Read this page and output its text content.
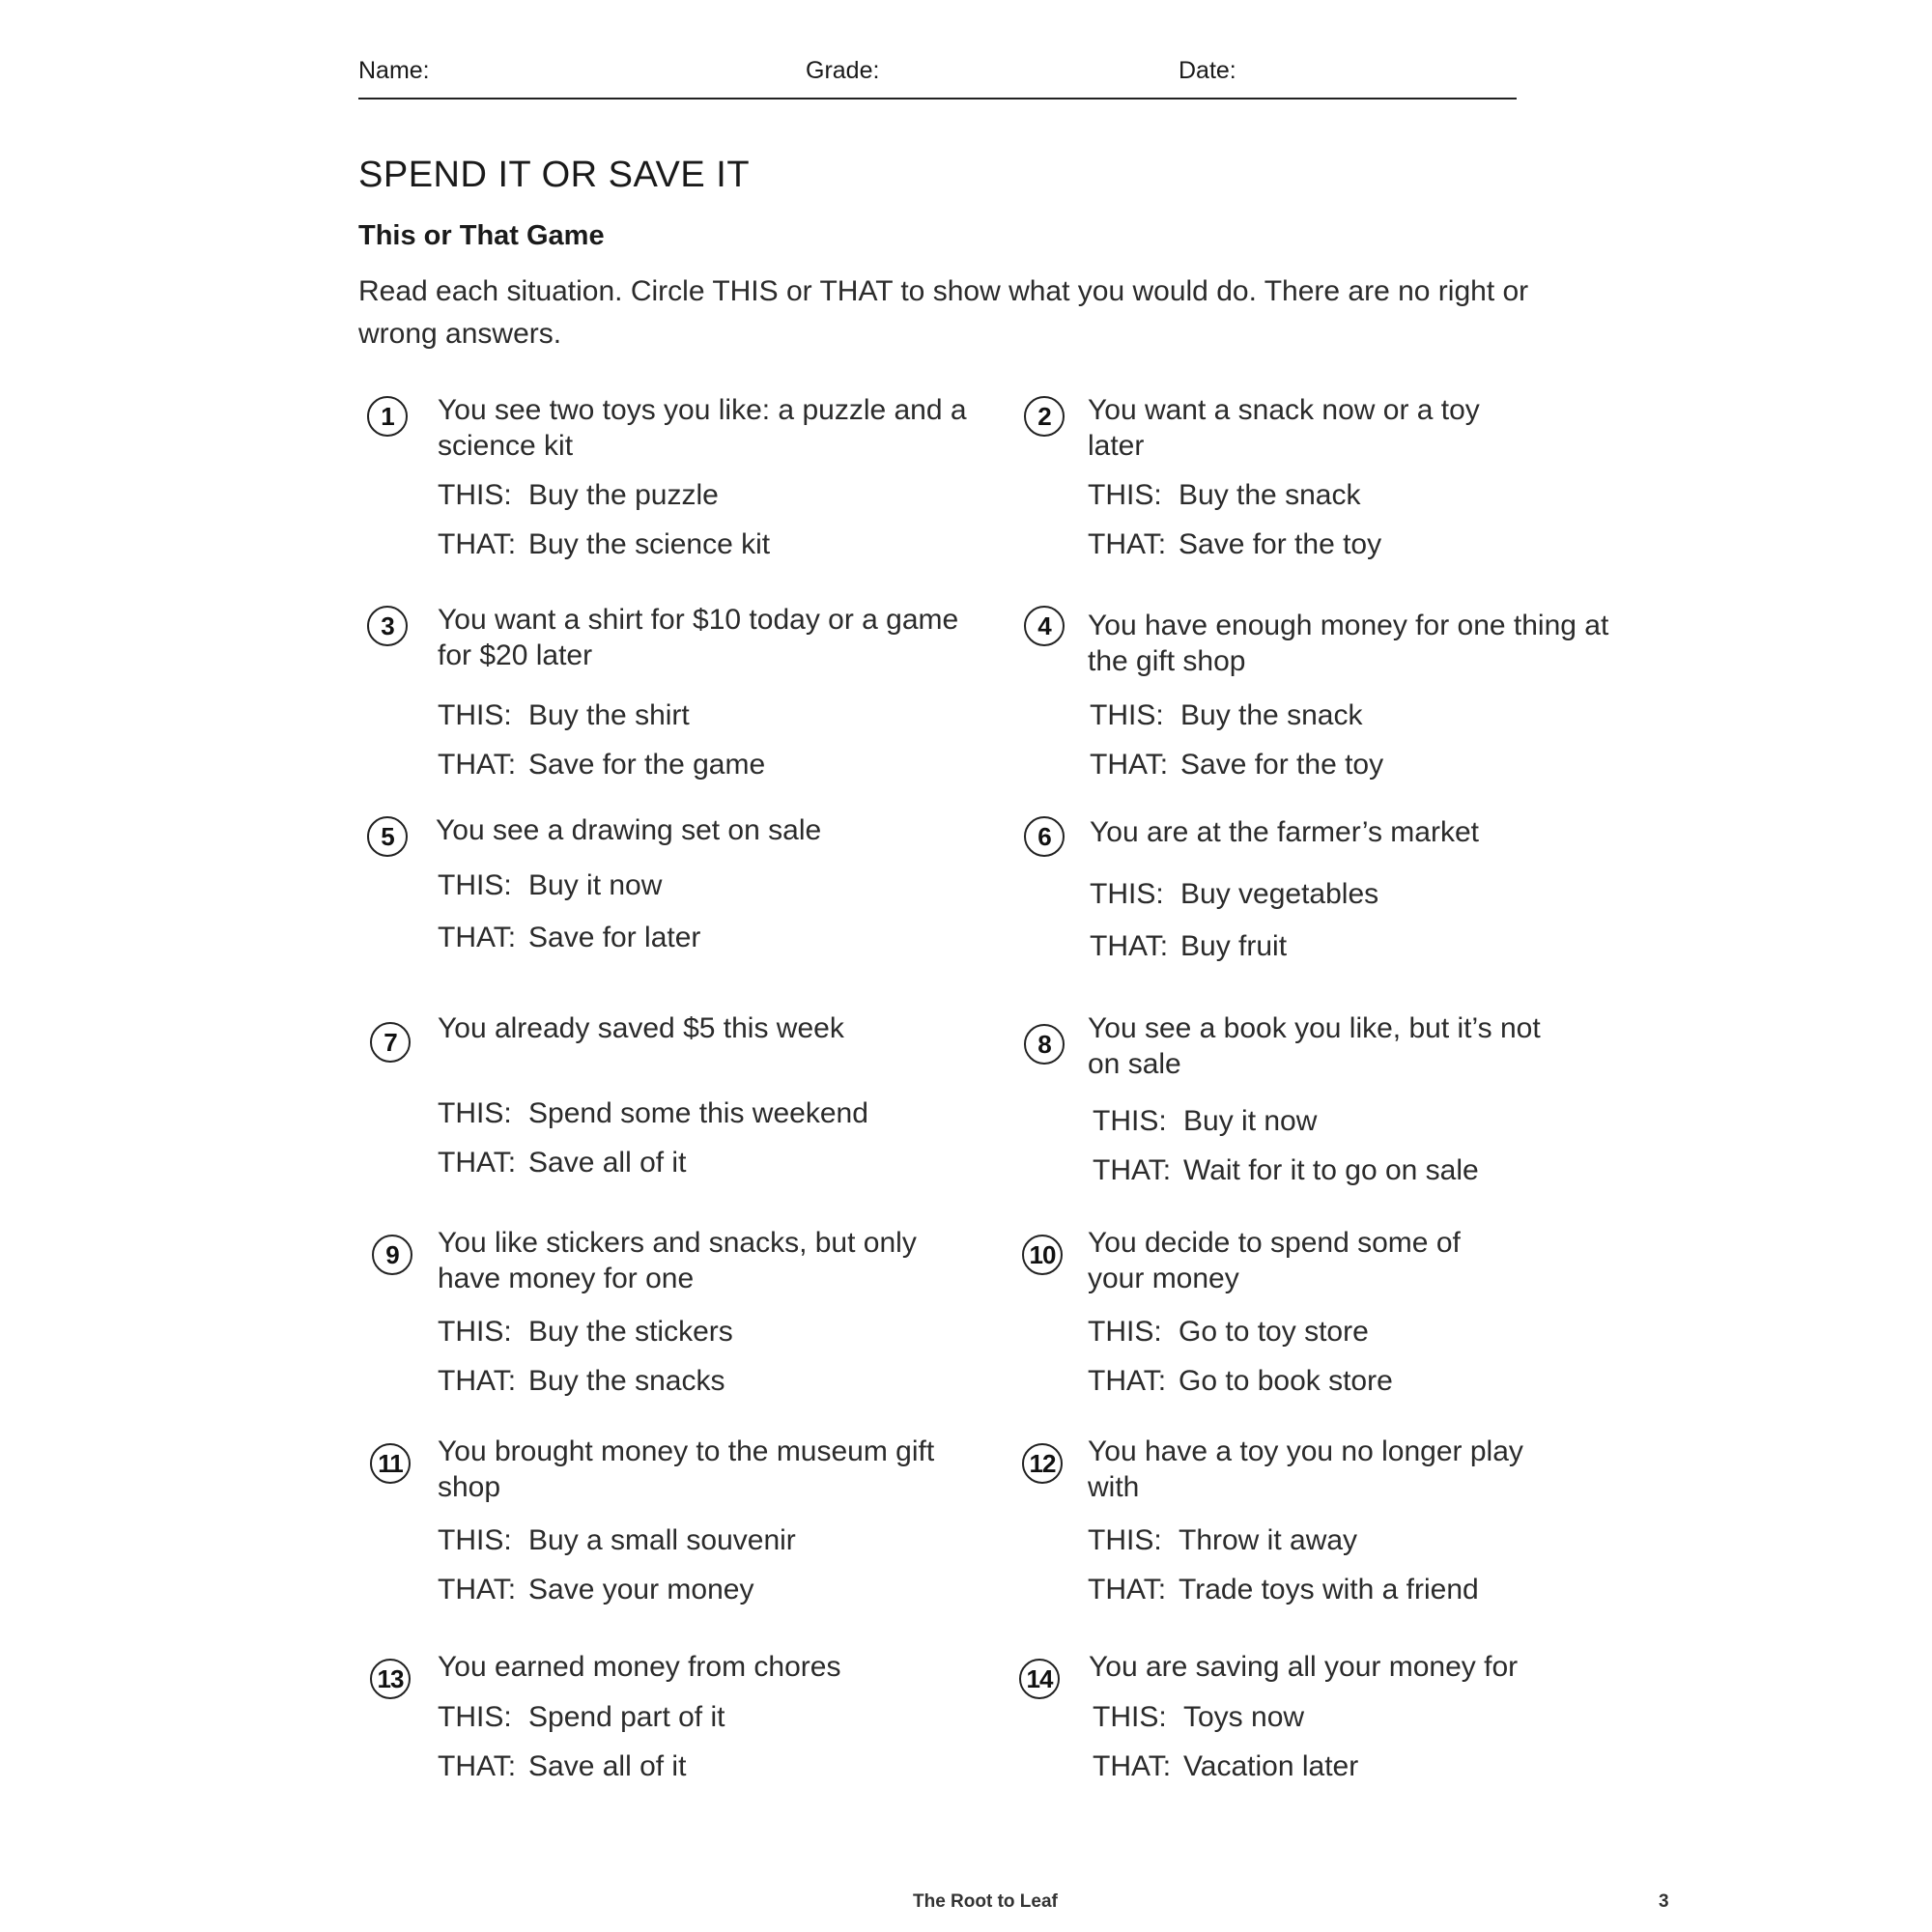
Name:	Grade:	Date:
SPEND IT OR SAVE IT
This or That Game
Read each situation. Circle THIS or THAT to show what you would do. There are no right or wrong answers.
1	You see two toys you like: a puzzle and a science kit
THIS: Buy the puzzle
THAT: Buy the science kit
2	You want a snack now or a toy later
THIS: Buy the snack
THAT: Save for the toy
3	You want a shirt for $10 today or a game for $20 later
THIS: Buy the shirt
THAT: Save for the game
4	You have enough money for one thing at the gift shop
THIS: Buy the snack
THAT: Save for the toy
5	You see a drawing set on sale
THIS: Buy it now
THAT: Save for later
6	You are at the farmer’s market
THIS: Buy vegetables
THAT: Buy fruit
7	You already saved $5 this week
THIS: Spend some this weekend
THAT: Save all of it
8	You see a book you like, but it’s not on sale
THIS: Buy it now
THAT: Wait for it to go on sale
9	You like stickers and snacks, but only have money for one
THIS: Buy the stickers
THAT: Buy the snacks
10 You decide to spend some of your money
THIS: Go to toy store
THAT: Go to book store
11 You brought money to the museum gift shop
THIS: Buy a small souvenir
THAT: Save your money
12 You have a toy you no longer play with
THIS: Throw it away
THAT: Trade toys with a friend
13 You earned money from chores
THIS: Spend part of it
THAT: Save all of it
14 You are saving all your money for
THIS: Toys now
THAT: Vacation later
The Root to Leaf	3
